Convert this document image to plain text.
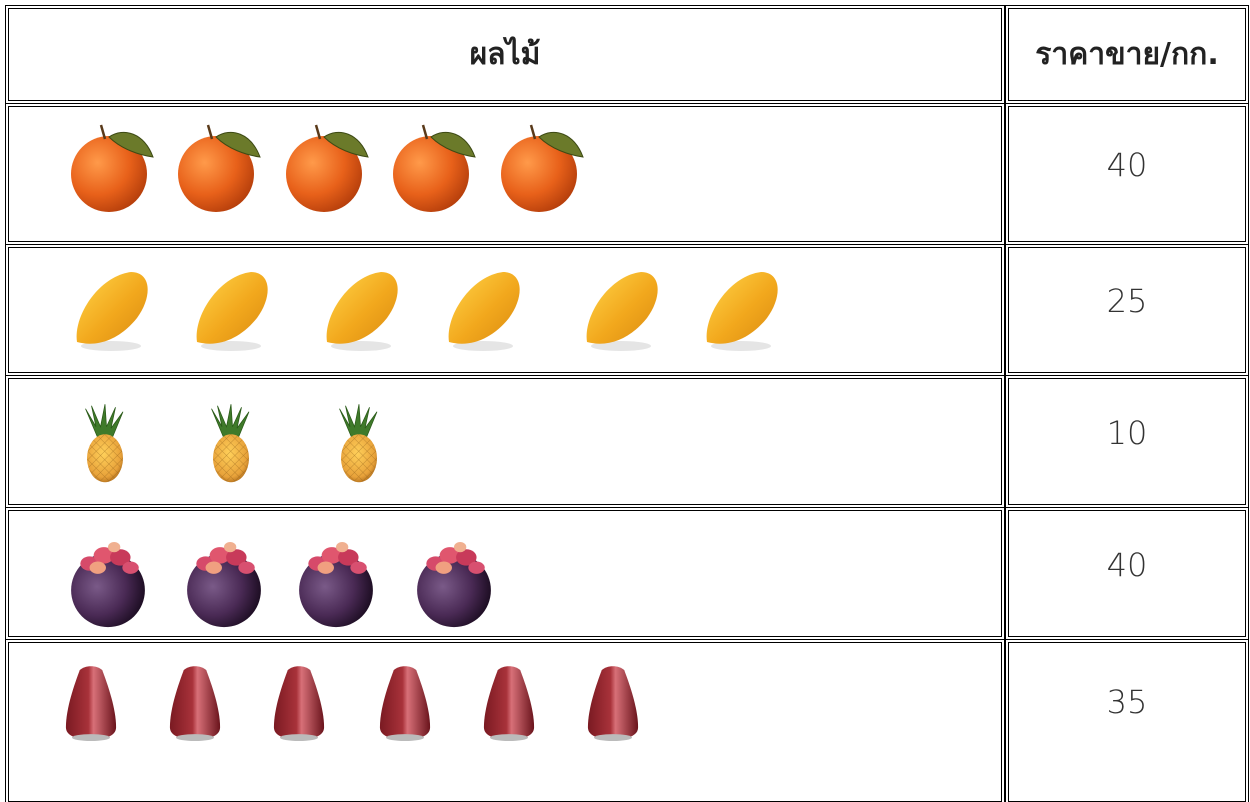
ผลไม้	ราคาขาย/กก.
40
25
10
40
35
